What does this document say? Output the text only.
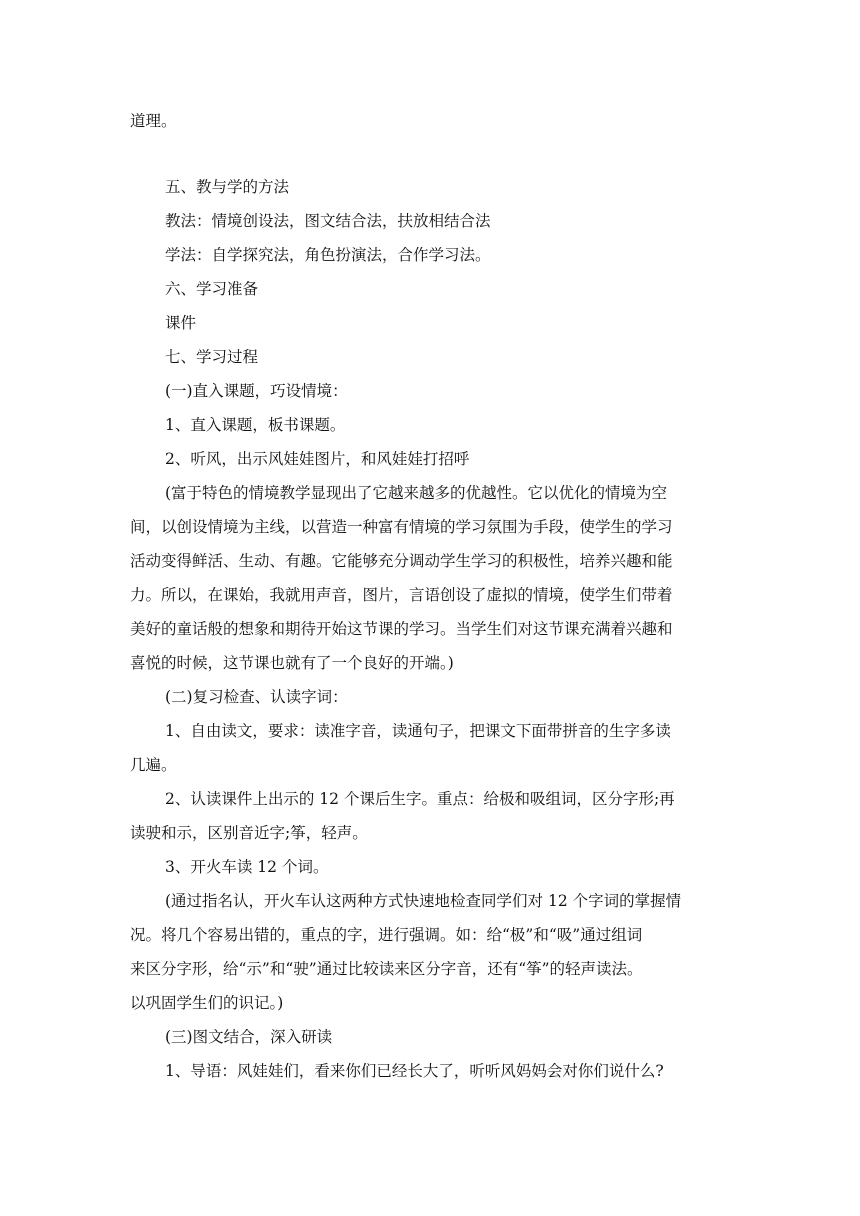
道理。
五、教与学的方法
教法：情境创设法，图文结合法，扶放相结合法
学法：自学探究法，角色扮演法，合作学习法。
六、学习准备
课件
七、学习过程
(一)直入课题，巧设情境：
1、直入课题，板书课题。
2、听风，出示风娃娃图片，和风娃娃打招呼
(富于特色的情境教学显现出了它越来越多的优越性。它以优化的情境为空
间，以创设情境为主线，以营造一种富有情境的学习氛围为手段，使学生的学习
活动变得鲜活、生动、有趣。它能够充分调动学生学习的积极性，培养兴趣和能
力。所以，在课始，我就用声音，图片，言语创设了虚拟的情境，使学生们带着
美好的童话般的想象和期待开始这节课的学习。当学生们对这节课充满着兴趣和
喜悦的时候，这节课也就有了一个良好的开端。)
(二)复习检查、认读字词：
1、自由读文，要求：读准字音，读通句子，把课文下面带拼音的生字多读
几遍。
2、认读课件上出示的 12 个课后生字。重点：给极和吸组词，区分字形;再
读驶和示，区别音近字;筝，轻声。
3、开火车读 12 个词。
(通过指名认，开火车认这两种方式快速地检查同学们对 12 个字词的掌握情
况。将几个容易出错的，重点的字，进行强调。如：给“极”和“吸”通过组词
来区分字形，给“示”和“驶”通过比较读来区分字音，还有“筝”的轻声读法。
以巩固学生们的识记。)
(三)图文结合，深入研读
1、导语：风娃娃们，看来你们已经长大了，听听风妈妈会对你们说什么?
